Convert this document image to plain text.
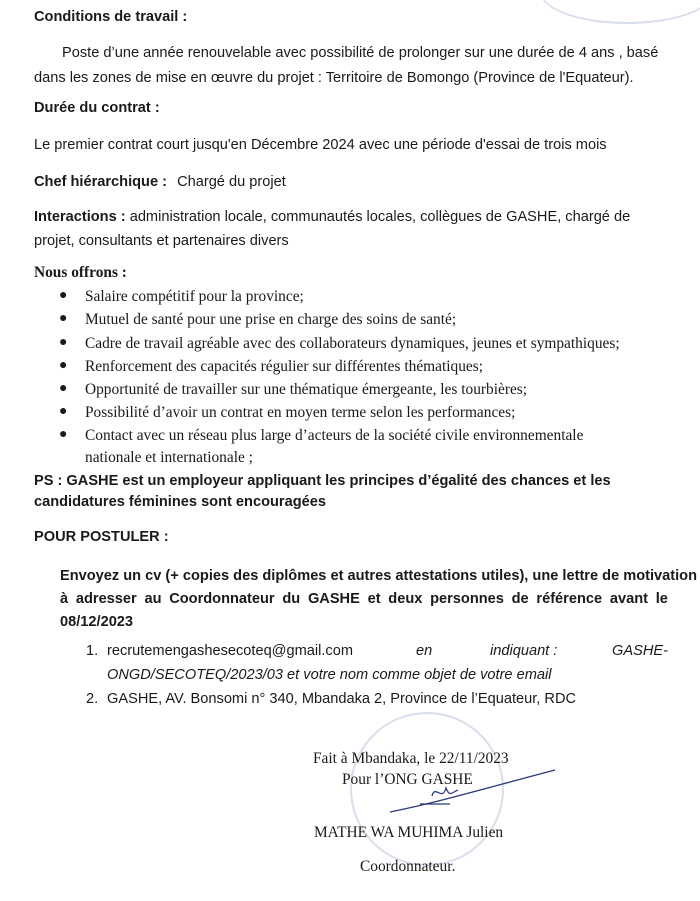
Conditions de travail :
Poste d’une année renouvelable avec possibilité de prolonger sur une durée de 4 ans , basé
dans les zones de mise en œuvre du projet : Territoire de Bomongo (Province de l'Equateur).
Durée du contrat :
Le premier contrat court jusqu'en Décembre 2024 avec une période d'essai de trois mois
Chef hiérarchique : Chargé du projet
Interactions : administration locale, communautés locales, collègues de GASHE, chargé de
projet, consultants et partenaires divers
Nous offrons :
● Salaire compétitif pour la province;
● Mutuel de santé pour une prise en charge des soins de santé;
● Cadre de travail agréable avec des collaborateurs dynamiques, jeunes et sympathiques;
● Renforcement des capacités régulier sur différentes thématiques;
● Opportunité de travailler sur une thématique émergeante, les tourbières;
● Possibilité d’avoir un contrat en moyen terme selon les performances;
● Contact avec un réseau plus large d’acteurs de la société civile environnementale
nationale et internationale ;
PS : GASHE est un employeur appliquant les principes d’égalité des chances et les
candidatures féminines sont encouragées
POUR POSTULER :
Envoyez un cv (+ copies des diplômes et autres attestations utiles), une lettre de motivation
à adresser au Coordonnateur du GASHE et deux personnes de référence avant le
08/12/2023
1. recrutemengashesecoteq@gmail.com	en	indiquant :	GASHE-
ONGD/SECOTEQ/2023/03 et votre nom comme objet de votre email
2. GASHE, AV. Bonsomi n° 340, Mbandaka 2, Province de l’Equateur, RDC
Fait à Mbandaka, le 22/11/2023
Pour l’ONG GASHE
MATHE WA MUHIMA Julien
Coordonnateur.
